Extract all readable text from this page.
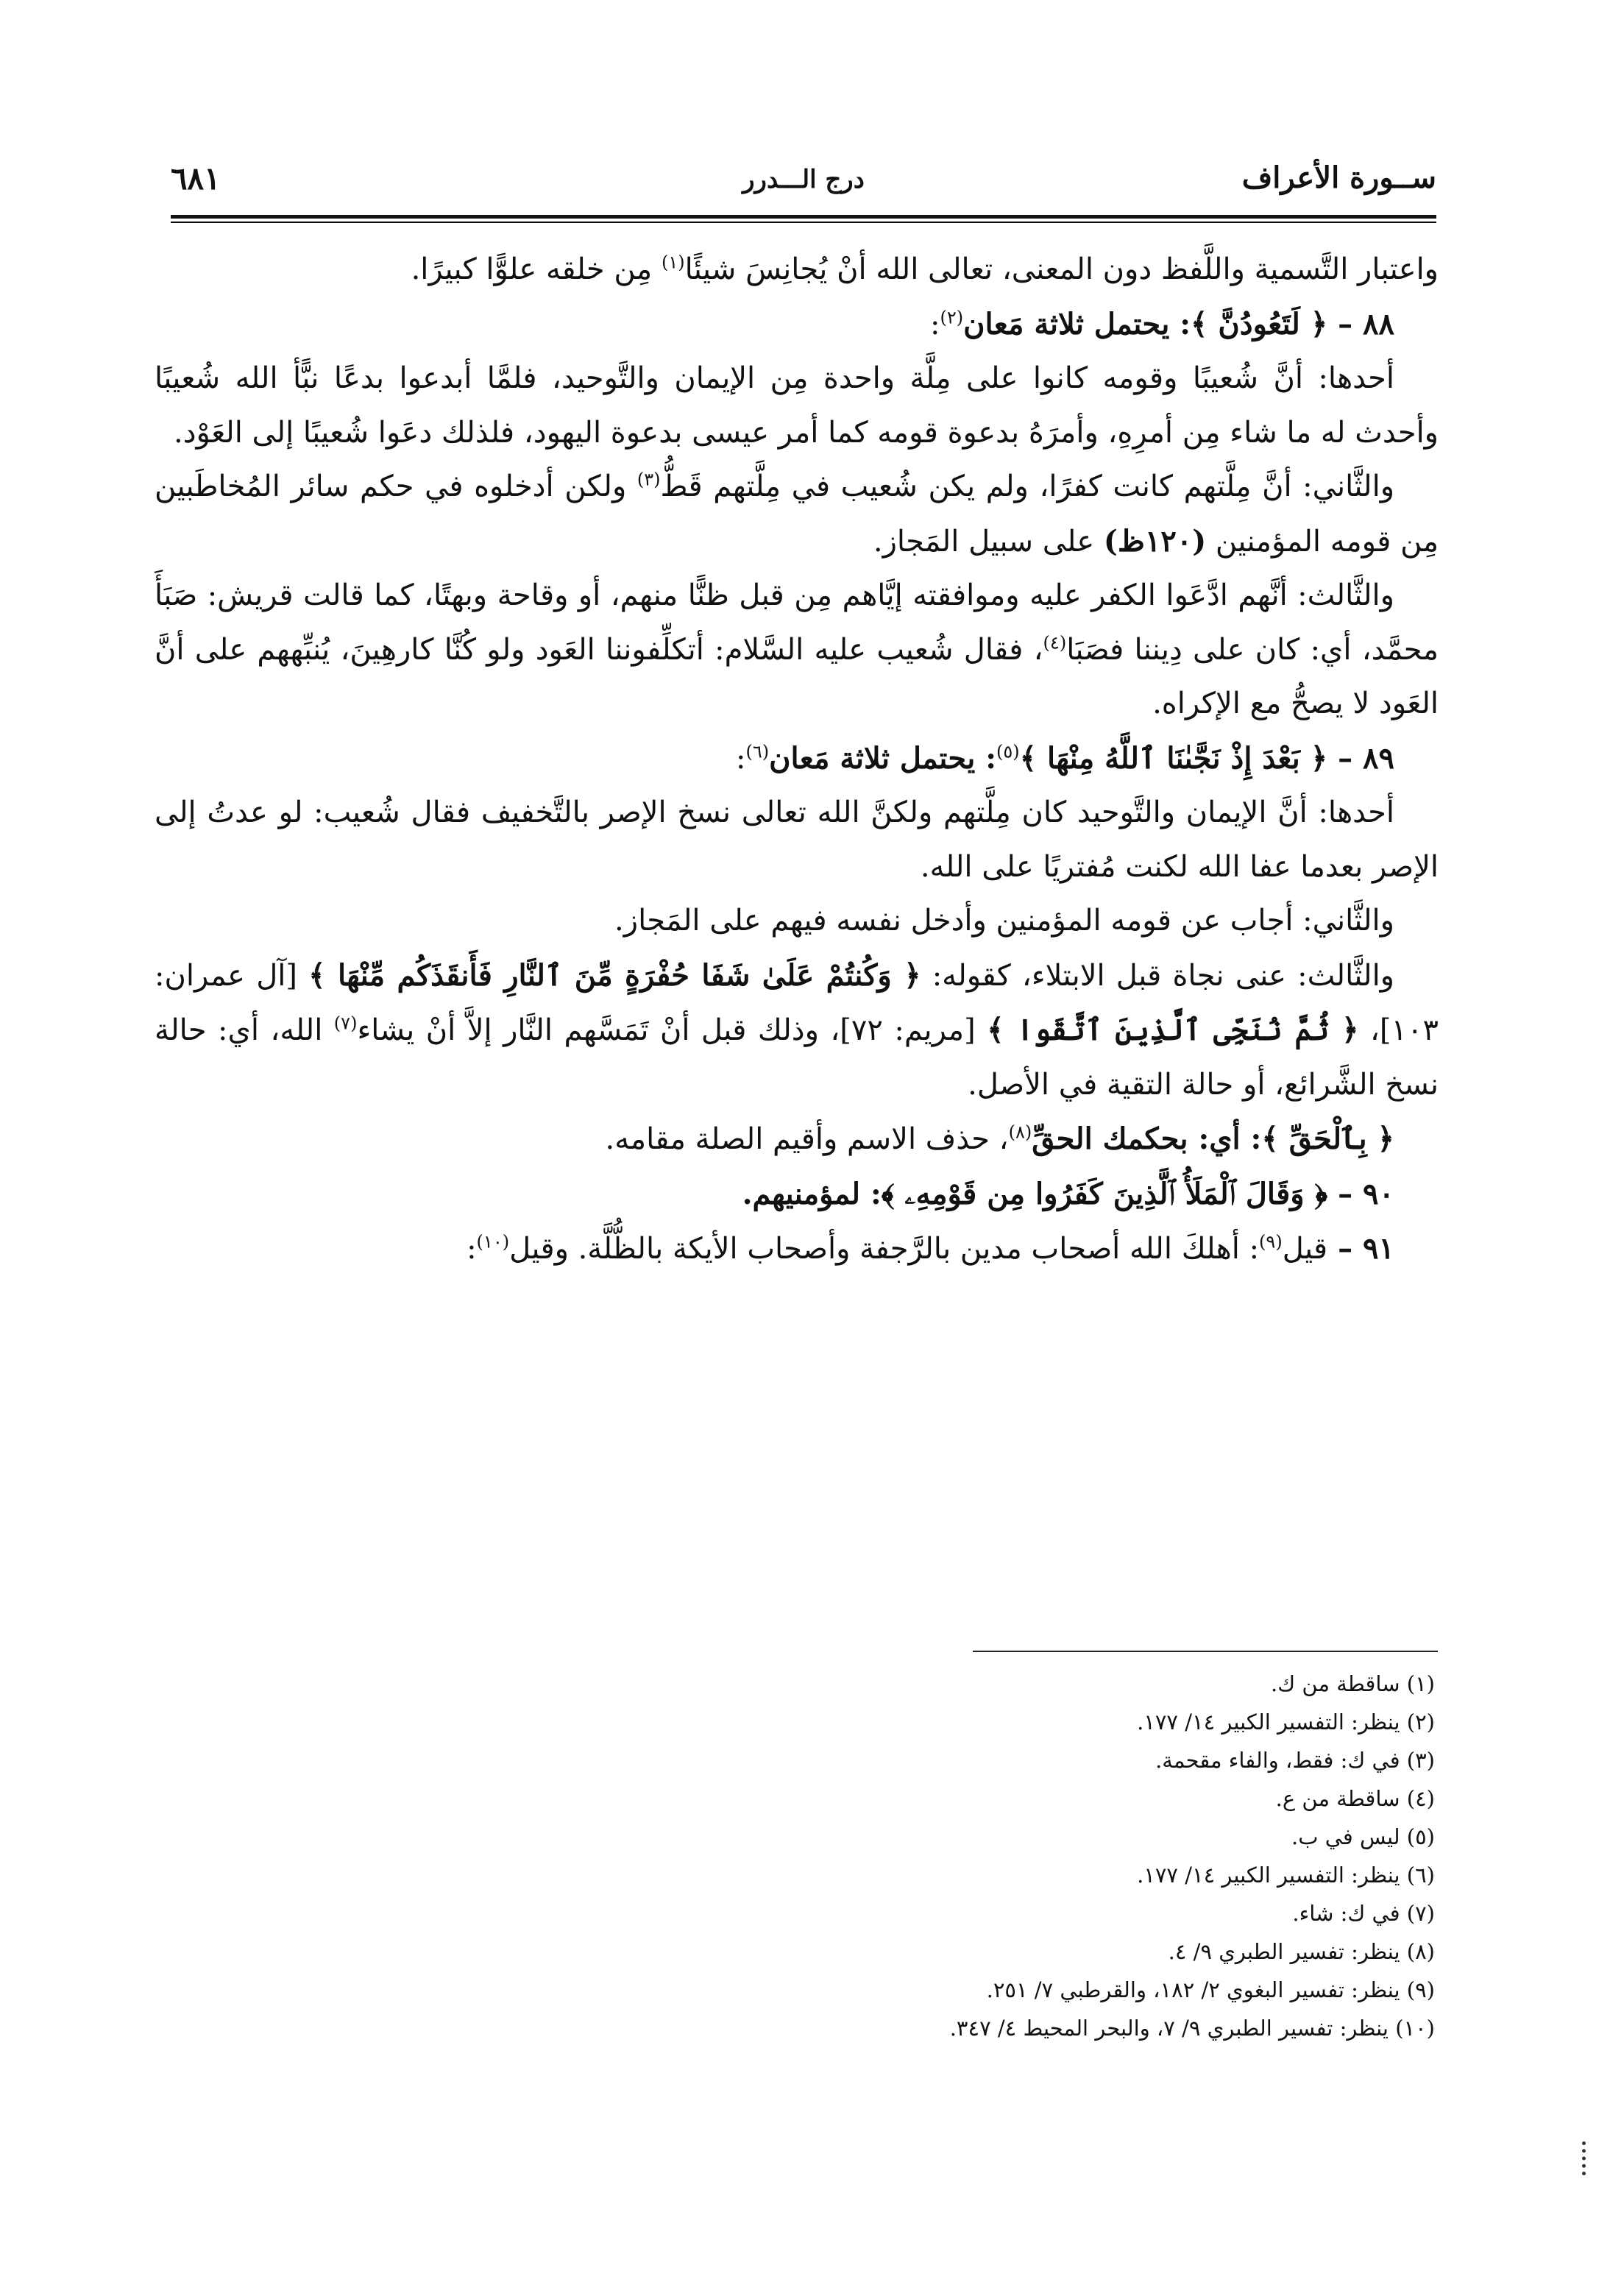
ســورة الأعراف
درج الـــدرر
٦٨١

واعتبار التَّسمية واللَّفظ دون المعنى، تعالى الله أنْ يُجانِسَ شيئًا$^{(١)}$ مِن خلقه علوًّا كبيرًا.

٨٨ – ﴿ لَتَعُودُنَّ ﴾: يحتمل ثلاثة مَعان$^{(٢)}$:

أحدها: أنَّ شُعيبًا وقومه كانوا على مِلَّة واحدة مِن الإيمان والتَّوحيد، فلمَّا أبدعوا بدعًا نبًّأ الله شُعيبًا وأحدث له ما شاء مِن أمرِهِ، وأمرَهُ بدعوة قومه كما أمر عيسى بدعوة اليهود، فلذلك دعَوا شُعيبًا إلى العَوْد.

والثَّاني: أنَّ مِلَّتهم كانت كفرًا، ولم يكن شُعيب في مِلَّتهم قَطُّ$^{(٣)}$ ولكن أدخلوه في حكم سائر المُخاطَبين مِن قومه المؤمنين (١٢٠ظ) على سبيل المَجاز.

والثَّالث: أنَّهم ادَّعَوا الكفر عليه وموافقته إيَّاهم مِن قبل ظنًّا منهم، أو وقاحة وبهتًا، كما قالت قريش: صَبَأَ محمَّد، أي: كان على دِيننا فصَبَا$^{(٤)}$، فقال شُعيب عليه السَّلام: أتكلِّفوننا العَود ولو كُنَّا كارهِينَ، يُنبِّههم على أنَّ العَود لا يصحُّ مع الإكراه.

٨٩ – ﴿ بَعْدَ إِذْ نَجَّىٰنَا ٱللَّهُ مِنْهَا ﴾$^{(٥)}$: يحتمل ثلاثة مَعان$^{(٦)}$:

أحدها: أنَّ الإيمان والتَّوحيد كان مِلَّتهم ولكنَّ الله تعالى نسخ الإصر بالتَّخفيف فقال شُعيب: لو عدتُ إلى الإصر بعدما عفا الله لكنت مُفتريًا على الله.

والثَّاني: أجاب عن قومه المؤمنين وأدخل نفسه فيهم على المَجاز.

والثَّالث: عنى نجاة قبل الابتلاء، كقوله: ﴿ وَكُنتُمْ عَلَىٰ شَفَا حُفْرَةٍ مِّنَ ٱلنَّارِ فَأَنقَذَكُم مِّنْهَا ﴾ [آل عمران: ١٠٣]، ﴿ ثُمَّ نُنَجِّى ٱلَّذِينَ ٱتَّقَوا ﴾ [مريم: ٧٢]، وذلك قبل أنْ تَمَسَّهم النَّار إلاَّ أنْ يشاء$^{(٧)}$ الله، أي: حالة نسخ الشَّرائع، أو حالة التقية في الأصل.

﴿ بِٱلْحَقِّ ﴾: أي: بحكمك الحقِّ$^{(٨)}$، حذف الاسم وأقيم الصلة مقامه.

٩٠ – ﴿ وَقَالَ ٱلْمَلَأُ ٱلَّذِينَ كَفَرُوا مِن قَوْمِهِۦ ﴾: لمؤمنيهم.

٩١ – قيل$^{(٩)}$: أهلكَ الله أصحاب مدين بالرَّجفة وأصحاب الأيكة بالظُّلَّة. وقيل$^{(١٠)}$:

(١) ساقطة من ك.
(٢) ينظر: التفسير الكبير ١٤/ ١٧٧.
(٣) في ك: فقط، والفاء مقحمة.
(٤) ساقطة من ع.
(٥) ليس في ب.
(٦) ينظر: التفسير الكبير ١٤/ ١٧٧.
(٧) في ك: شاء.
(٨) ينظر: تفسير الطبري ٩/ ٤.
(٩) ينظر: تفسير البغوي ٢/ ١٨٢، والقرطبي ٧/ ٢٥١.
(١٠) ينظر: تفسير الطبري ٩/ ٧، والبحر المحيط ٤/ ٣٤٧.
